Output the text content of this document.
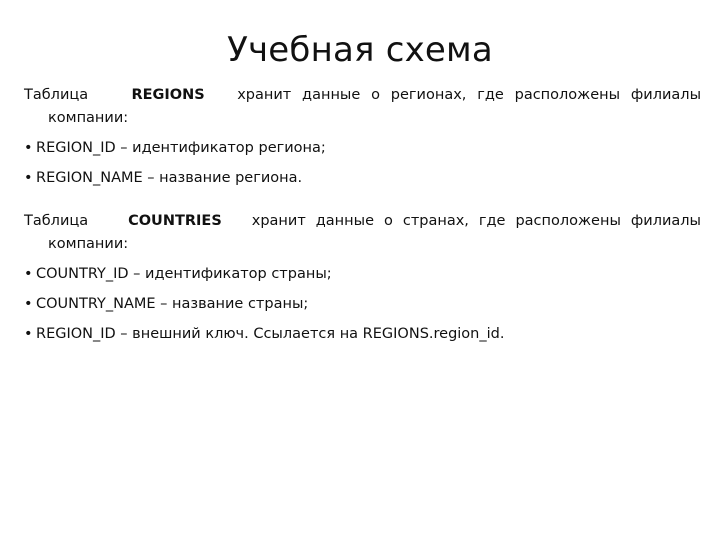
Учебная схема

Таблица	REGIONS хранит данные о регионах, где расположены филиалы компании:

• REGION_ID – идентификатор региона;
• REGION_NAME – название региона.

Таблица	COUNTRIES хранит данные о странах, где расположены филиалы компании:

• COUNTRY_ID – идентификатор страны;
• COUNTRY_NAME – название страны;
• REGION_ID – внешний ключ. Ссылается на REGIONS.region_id.
